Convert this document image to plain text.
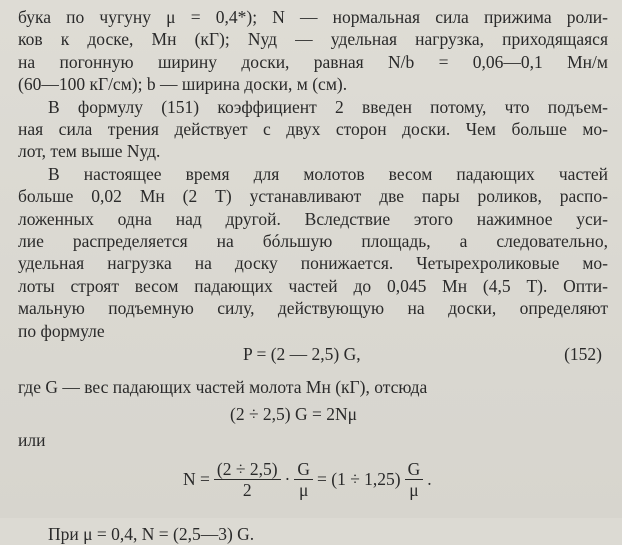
бука по чугуну μ = 0,4*); N — нормальная сила прижима роли-
ков к доске, Мн (кГ); Nуд — удельная нагрузка, приходящаяся
на погонную ширину доски, равная N/b = 0,06—0,1 Мн/м
(60—100 кГ/см); b — ширина доски, м (см).

В формулу (151) коэффициент 2 введен потому, что подъем-
ная сила трения действует с двух сторон доски. Чем больше мо-
лот, тем выше Nуд.

В настоящее время для молотов весом падающих частей
больше 0,02 Мн (2 Т) устанавливают две пары роликов, распо-
ложенных одна над другой. Вследствие этого нажимное уси-
лие распределяется на бóльшую площадь, а следовательно,
удельная нагрузка на доску понижается. Четырехроликовые мо-
лоты строят весом падающих частей до 0,045 Мн (4,5 Т). Опти-
мальную подъемную силу, действующую на доски, определяют
по формуле

P = (2 — 2,5) G,	(152)

где G — вес падающих частей молота Мн (кГ), отсюда

(2 ÷ 2,5) G = 2Nμ
или
$N = \frac{(2 \div 2,5)}{2} \cdot \frac{G}{\mu} = (1 \div 1,25) \frac{G}{\mu}$ .
При μ = 0,4, N = (2,5—3) G.
